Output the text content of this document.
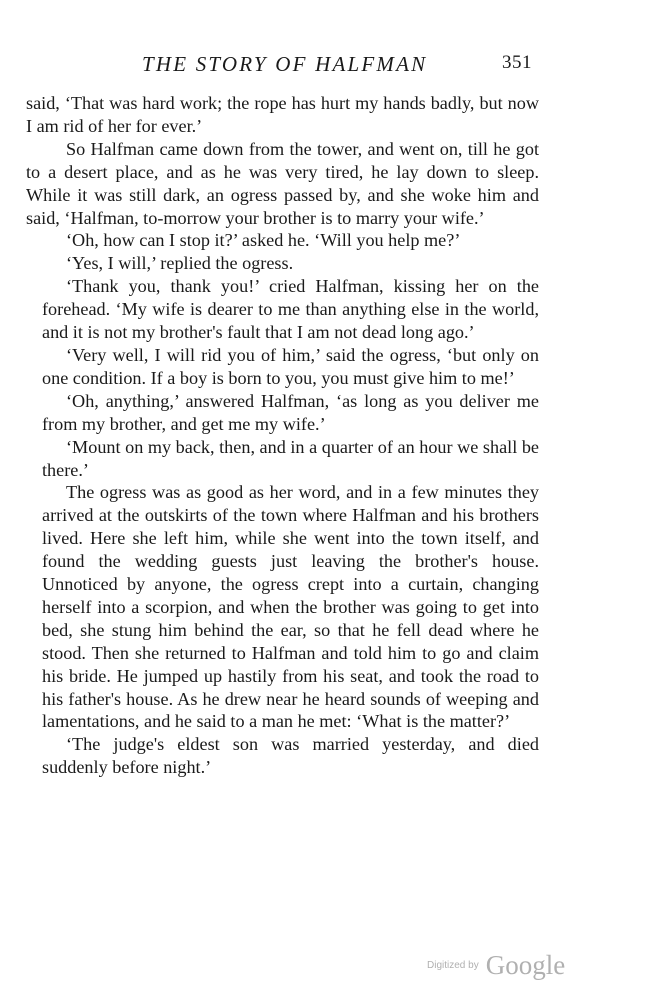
THE STORY OF HALFMAN	351

said, ‘That was hard work; the rope has hurt my hands badly, but now I am rid of her for ever.’

So Halfman came down from the tower, and went on, till he got to a desert place, and as he was very tired, he lay down to sleep. While it was still dark, an ogress passed by, and she woke him and said, ‘Halfman, to-morrow your brother is to marry your wife.’

‘Oh, how can I stop it?’ asked he. ‘Will you help me?’

‘Yes, I will,’ replied the ogress.

‘Thank you, thank you!’ cried Halfman, kissing her on the forehead. ‘My wife is dearer to me than anything else in the world, and it is not my brother's fault that I am not dead long ago.’

‘Very well, I will rid you of him,’ said the ogress, ‘but only on one condition. If a boy is born to you, you must give him to me!’

‘Oh, anything,’ answered Halfman, ‘as long as you deliver me from my brother, and get me my wife.’

‘Mount on my back, then, and in a quarter of an hour we shall be there.’

The ogress was as good as her word, and in a few minutes they arrived at the outskirts of the town where Halfman and his brothers lived. Here she left him, while she went into the town itself, and found the wedding guests just leaving the brother's house. Unnoticed by anyone, the ogress crept into a curtain, changing herself into a scorpion, and when the brother was going to get into bed, she stung him behind the ear, so that he fell dead where he stood. Then she returned to Halfman and told him to go and claim his bride. He jumped up hastily from his seat, and took the road to his father's house. As he drew near he heard sounds of weeping and lamentations, and he said to a man he met: ‘What is the matter?’

‘The judge's eldest son was married yesterday, and died suddenly before night.’

Digitized by Google
